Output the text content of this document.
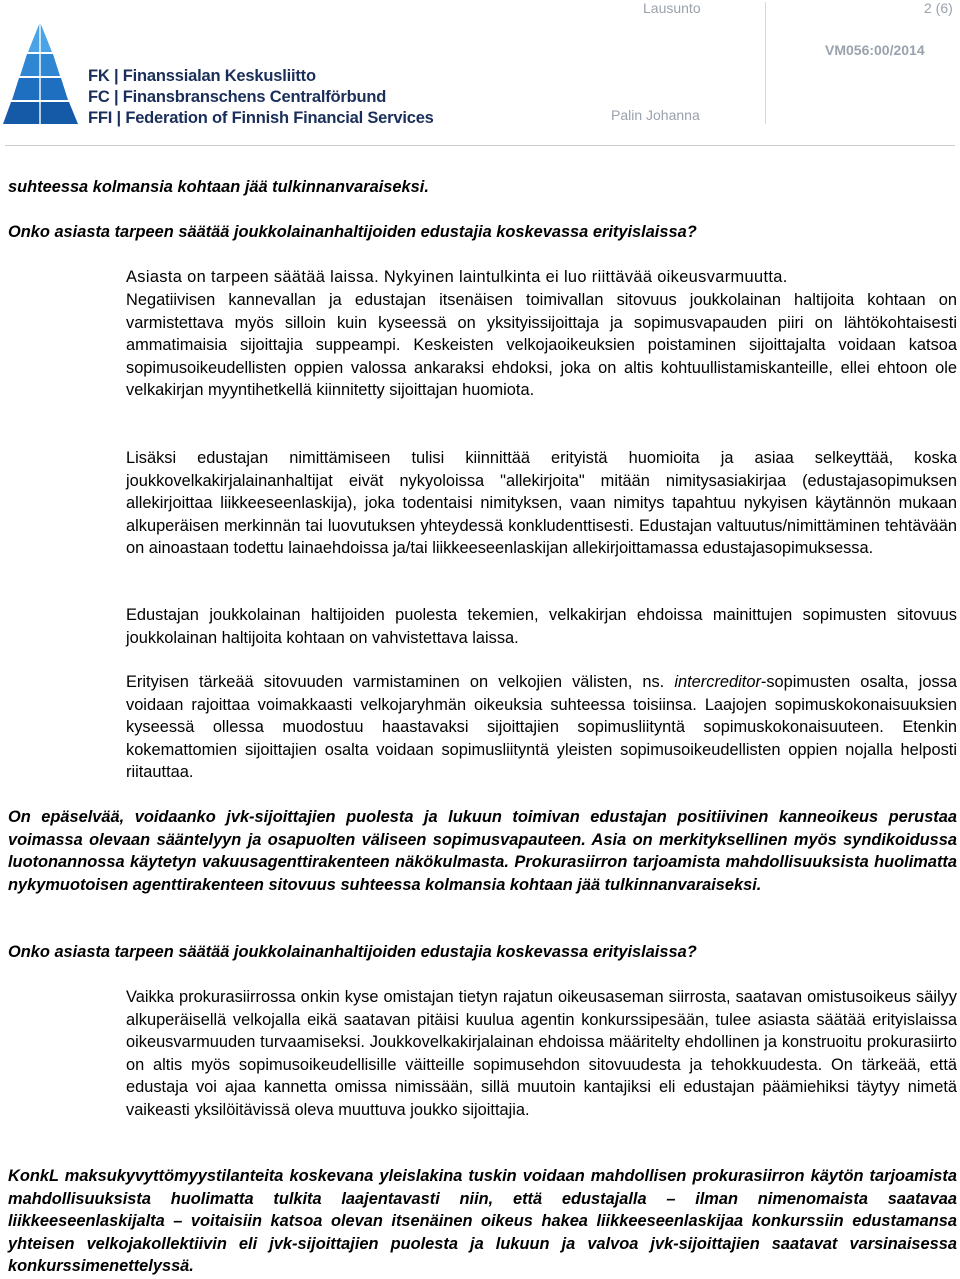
FK | Finanssialan Keskusliitto
FC | Finansbranschens Centralförbund
FFI | Federation of Finnish Financial Services
Lausunto	2 (6)
VM056:00/2014
Palin Johanna

suhteessa kolmansia kohtaan jää tulkinnanvaraiseksi.

Onko asiasta tarpeen säätää joukkolainanhaltijoiden edustajia koskevassa erityislaissa?

Asiasta on tarpeen säätää laissa. Nykyinen laintulkinta ei luo riittävää oikeusvarmuutta.

Negatiivisen kannevallan ja edustajan itsenäisen toimivallan sitovuus joukkolainan haltijoita kohtaan on varmistettava myös silloin kuin kyseessä on yksityissijoittaja ja sopimusvapauden piiri on lähtökohtaisesti ammatimaisia sijoittajia suppeampi. Keskeisten velkojaoikeuksien poistaminen sijoittajalta voidaan katsoa sopimusoikeudellisten oppien valossa ankaraksi ehdoksi, joka on altis kohtuullistamiskanteille, ellei ehtoon ole velkakirjan myyntihetkellä kiinnitetty sijoittajan huomiota.

Lisäksi edustajan nimittämiseen tulisi kiinnittää erityistä huomioita ja asiaa selkeyttää, koska joukkovelkakirjalainanhaltijat eivät nykyoloissa "allekirjoita" mitään nimitysasiakirjaa (edustajasopimuksen allekirjoittaa liikkeeseenlaskija), joka todentaisi nimityksen, vaan nimitys tapahtuu nykyisen käytännön mukaan alkuperäisen merkinnän tai luovutuksen yhteydessä konkludenttisesti. Edustajan valtuutus/nimittäminen tehtävään on ainoastaan todettu lainaehdoissa ja/tai liikkeeseenlaskijan allekirjoittamassa edustajasopimuksessa.

Edustajan joukkolainan haltijoiden puolesta tekemien, velkakirjan ehdoissa mainittujen sopimusten sitovuus joukkolainan haltijoita kohtaan on vahvistettava laissa.

Erityisen tärkeää sitovuuden varmistaminen on velkojien välisten, ns. intercreditor-sopimusten osalta, jossa voidaan rajoittaa voimakkaasti velkojaryhmän oikeuksia suhteessa toisiinsa. Laajojen sopimuskokonaisuuksien kyseessä ollessa muodostuu haastavaksi sijoittajien sopimusliityntä sopimuskokonaisuuteen. Etenkin kokemattomien sijoittajien osalta voidaan sopimusliityntä yleisten sopimusoikeudellisten oppien nojalla helposti riitauttaa.

On epäselvää, voidaanko jvk-sijoittajien puolesta ja lukuun toimivan edustajan positiivinen kanneoikeus perustaa voimassa olevaan sääntelyyn ja osapuolten väliseen sopimusvapauteen. Asia on merkityksellinen myös syndikoidussa luotonannossa käytetyn vakuusagenttirakenteen näkökulmasta. Prokurasiirron tarjoamista mahdollisuuksista huolimatta nykymuotoisen agenttirakenteen sitovuus suhteessa kolmansia kohtaan jää tulkinnanvaraiseksi.

Onko asiasta tarpeen säätää joukkolainanhaltijoiden edustajia koskevassa erityislaissa?

Vaikka prokurasiirrossa onkin kyse omistajan tietyn rajatun oikeusaseman siirrosta, saatavan omistusoikeus säilyy alkuperäisellä velkojalla eikä saatavan pitäisi kuulua agentin konkurssipesään, tulee asiasta säätää erityislaissa oikeusvarmuuden turvaamiseksi. Joukkovelkakirjalainan ehdoissa määritelty ehdollinen ja konstruoitu prokurasiirto on altis myös sopimusoikeudellisille väitteille sopimusehdon sitovuudesta ja tehokkuudesta. On tärkeää, että edustaja voi ajaa kannetta omissa nimissään, sillä muutoin kantajiksi eli edustajan päämiehiksi täytyy nimetä vaikeasti yksilöitävissä oleva muuttuva joukko sijoittajia.

KonkL maksukyvyttömyystilanteita koskevana yleislakina tuskin voidaan mahdollisen prokurasiirron käytön tarjoamista mahdollisuuksista huolimatta tulkita laajentavasti niin, että edustajalla – ilman nimenomaista saatavaa liikkeeseenlaskijalta – voitaisiin katsoa olevan itsenäinen oikeus hakea liikkeeseenlaskijaa konkurssiin edustamansa yhteisen velkojakollektiivin eli jvk-sijoittajien puolesta ja lukuun ja valvoa jvk-sijoittajien saatavat varsinaisessa konkurssimenettelyssä.
